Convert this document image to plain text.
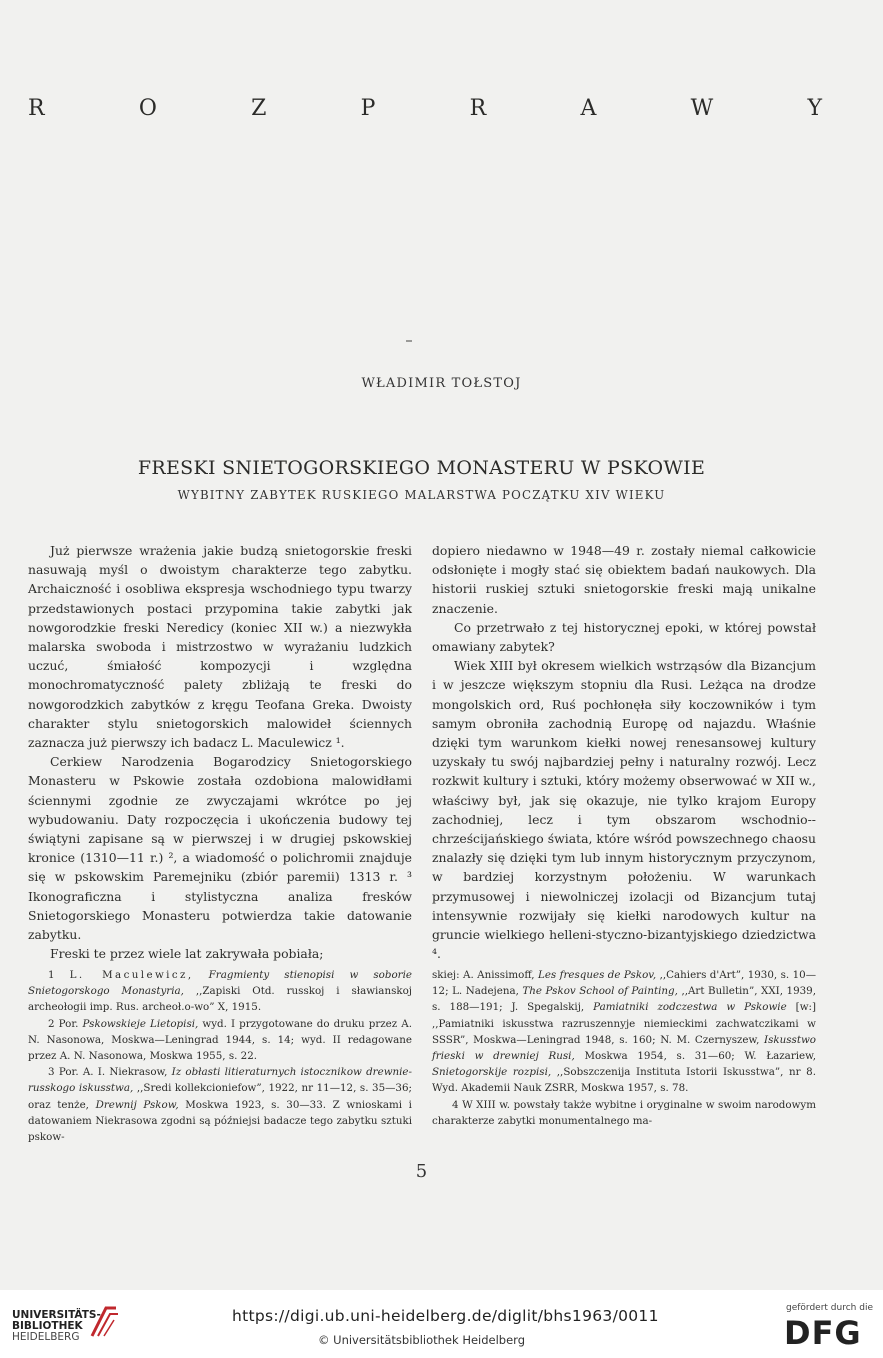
R	O	Z	P	R	A	W	Y
WŁADIMIR TOŁSTOJ
FRESKI SNIETOGORSKIEGO MONASTERU W PSKOWIE
WYBITNY ZABYTEK RUSKIEGO MALARSTWA POCZĄTKU XIV WIEKU

Już pierwsze wrażenia jakie budzą snietogorskie freski nasuwają myśl o dwoistym charakterze tego zabytku. Archaiczność i osobliwa ekspresja wschodniego typu twarzy przedstawionych postaci przypomina takie zabytki jak nowgorodzkie freski Neredicy (koniec XII w.) a niezwykła malarska swoboda i mistrzostwo w wyrażaniu ludzkich uczuć, śmiałość kompozycji i względna monochromatyczność palety zbliżają te freski do nowgorodzkich zabytków z kręgu Teofana Greka. Dwoisty charakter stylu snietogorskich malowideł ściennych zaznacza już pierwszy ich badacz L. Maculewicz ¹.

Cerkiew Narodzenia Bogarodzicy Snietogorskiego Monasteru w Pskowie została ozdobiona malowidłami ściennymi zgodnie ze zwyczajami wkrótce po jej wybudowaniu. Daty rozpoczęcia i ukończenia budowy tej świątyni zapisane są w pierwszej i w drugiej pskowskiej kronice (1310—11 r.) ², a wiadomość o polichromii znajduje się w pskowskim Paremejniku (zbiór paremii) 1313 r. ³ Ikonograficzna i stylistyczna analiza fresków Snietogorskiego Monasteru potwierdza takie datowanie zabytku.

Freski te przez wiele lat zakrywała pobiała;

dopiero niedawno w 1948—49 r. zostały niemal całkowicie odsłonięte i mogły stać się obiektem badań naukowych. Dla historii ruskiej sztuki snietogorskie freski mają unikalne znaczenie.

Co przetrwało z tej historycznej epoki, w której powstał omawiany zabytek?

Wiek XIII był okresem wielkich wstrząsów dla Bizancjum i w jeszcze większym stopniu dla Rusi. Leżąca na drodze mongolskich ord, Ruś pochłonęła siły koczowników i tym samym obroniła zachodnią Europę od najazdu. Właśnie dzięki tym warunkom kiełki nowej renesansowej kultury uzyskały tu swój najbardziej pełny i naturalny rozwój. Lecz rozkwit kultury i sztuki, który możemy obserwować w XII w., właściwy był, jak się okazuje, nie tylko krajom Europy zachodniej, lecz i tym obszarom wschodnio--chrześcijańskiego świata, które wśród powszechnego chaosu znalazły się dzięki tym lub innym historycznym przyczynom, w bardziej korzystnym położeniu. W warunkach przymusowej i niewolniczej izolacji od Bizancjum tutaj intensywnie rozwijały się kiełki narodowych kultur na gruncie wielkiego helleni-styczno-bizantyjskiego dziedzictwa ⁴.

1 L. Maculewicz, Fragmienty stienopisi w soborie Snietogorskogo Monastyria, ,,Zapiski Otd. russkoj i sławianskoj archeołogii imp. Rus. archeoł.o-wo” X, 1915.

2 Por. Pskowskieje Lietopisi, wyd. I przygotowane do druku przez A. N. Nasonowa, Moskwa—Leningrad 1944, s. 14; wyd. II redagowane przez A. N. Nasonowa, Moskwa 1955, s. 22.

3 Por. A. I. Niekrasow, Iz obłasti litieraturnych istocznikow drewnie-russkogo iskusstwa, ,,Sredi kollekcioniefow”, 1922, nr 11—12, s. 35—36; oraz tenże, Drewnij Pskow, Moskwa 1923, s. 30—33. Z wnioskami i datowaniem Niekrasowa zgodni są późniejsi badacze tego zabytku sztuki pskow-

skiej: A. Anissimoff, Les fresques de Pskov, ,,Cahiers d'Art”, 1930, s. 10—12; L. Nadejena, The Pskov School of Painting, ,,Art Bulletin”, XXI, 1939, s. 188—191; J. Spegalskij, Pamiatniki zodczestwa w Pskowie [w:] ,,Pamiatniki iskusstwa razruszennyje niemieckimi zachwatczikami w SSSR”, Moskwa—Leningrad 1948, s. 160; N. M. Czernyszew, Iskusstwo frieski w drewniej Rusi, Moskwa 1954, s. 31—60; W. Łazariew, Snietogorskije rozpisi, ,,Sobszczenija Instituta Istorii Iskusstwa”, nr 8. Wyd. Akademii Nauk ZSRR, Moskwa 1957, s. 78.

4 W XIII w. powstały także wybitne i oryginalne w swoim narodowym charakterze zabytki monumentalnego ma-

5
UNIVERSITÄTS-
BIBLIOTHEK
HEIDELBERG
https://digi.ub.uni-heidelberg.de/diglit/bhs1963/0011
© Universitätsbibliothek Heidelberg
gefördert durch die
DFG
